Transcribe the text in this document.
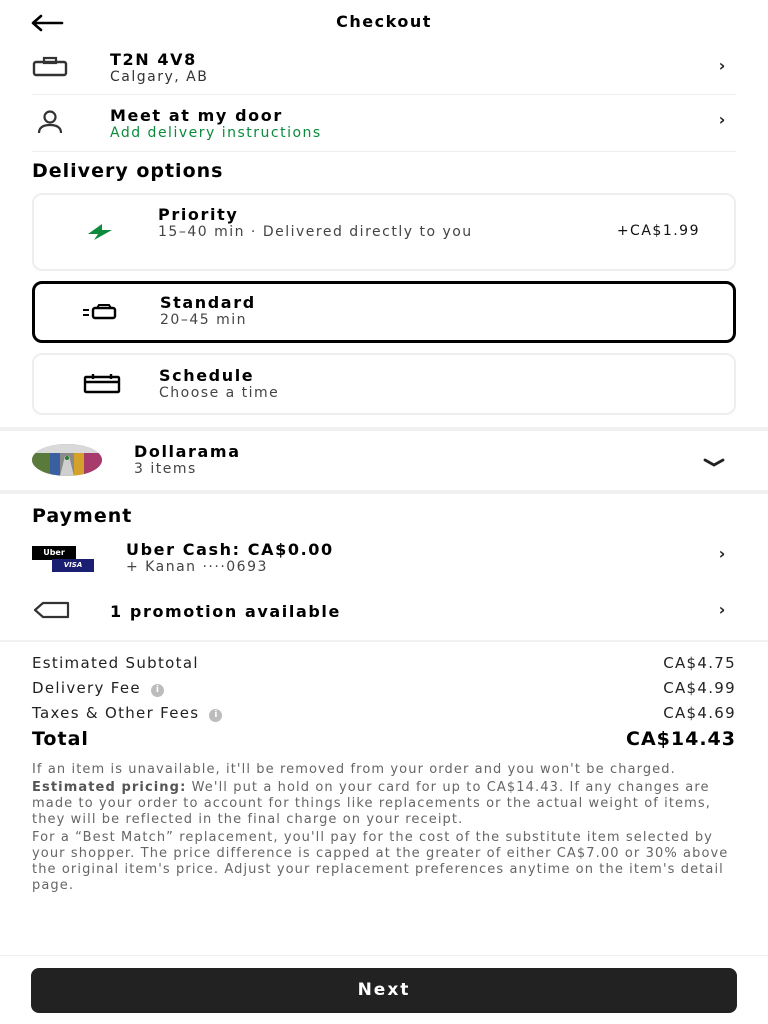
Checkout
T2N 4V8
Calgary, AB
›
Meet at my door
Add delivery instructions
›
Delivery options
Priority
15–40 min · Delivered directly to you	+CA$1.99
Standard
20–45 min
Schedule
Choose a time
Dollarama
3 items
Payment
Uber
VISA
Uber Cash: CA$0.00
+ Kanan ····0693
›
1 promotion available	›
Estimated Subtotal	CA$4.75
Delivery Fee i	CA$4.99
Taxes & Other Fees i	CA$4.69
Total	CA$14.43

If an item is unavailable, it'll be removed from your order and you won't be charged.

Estimated pricing: We'll put a hold on your card for up to CA$14.43. If any changes are made to your order to account for things like replacements or the actual weight of items, they will be reflected in the final charge on your receipt.

For a “Best Match” replacement, you'll pay for the cost of the substitute item selected by your shopper. The price difference is capped at the greater of either CA$7.00 or 30% above the original item's price. Adjust your replacement preferences anytime on the item's detail page.

Next
